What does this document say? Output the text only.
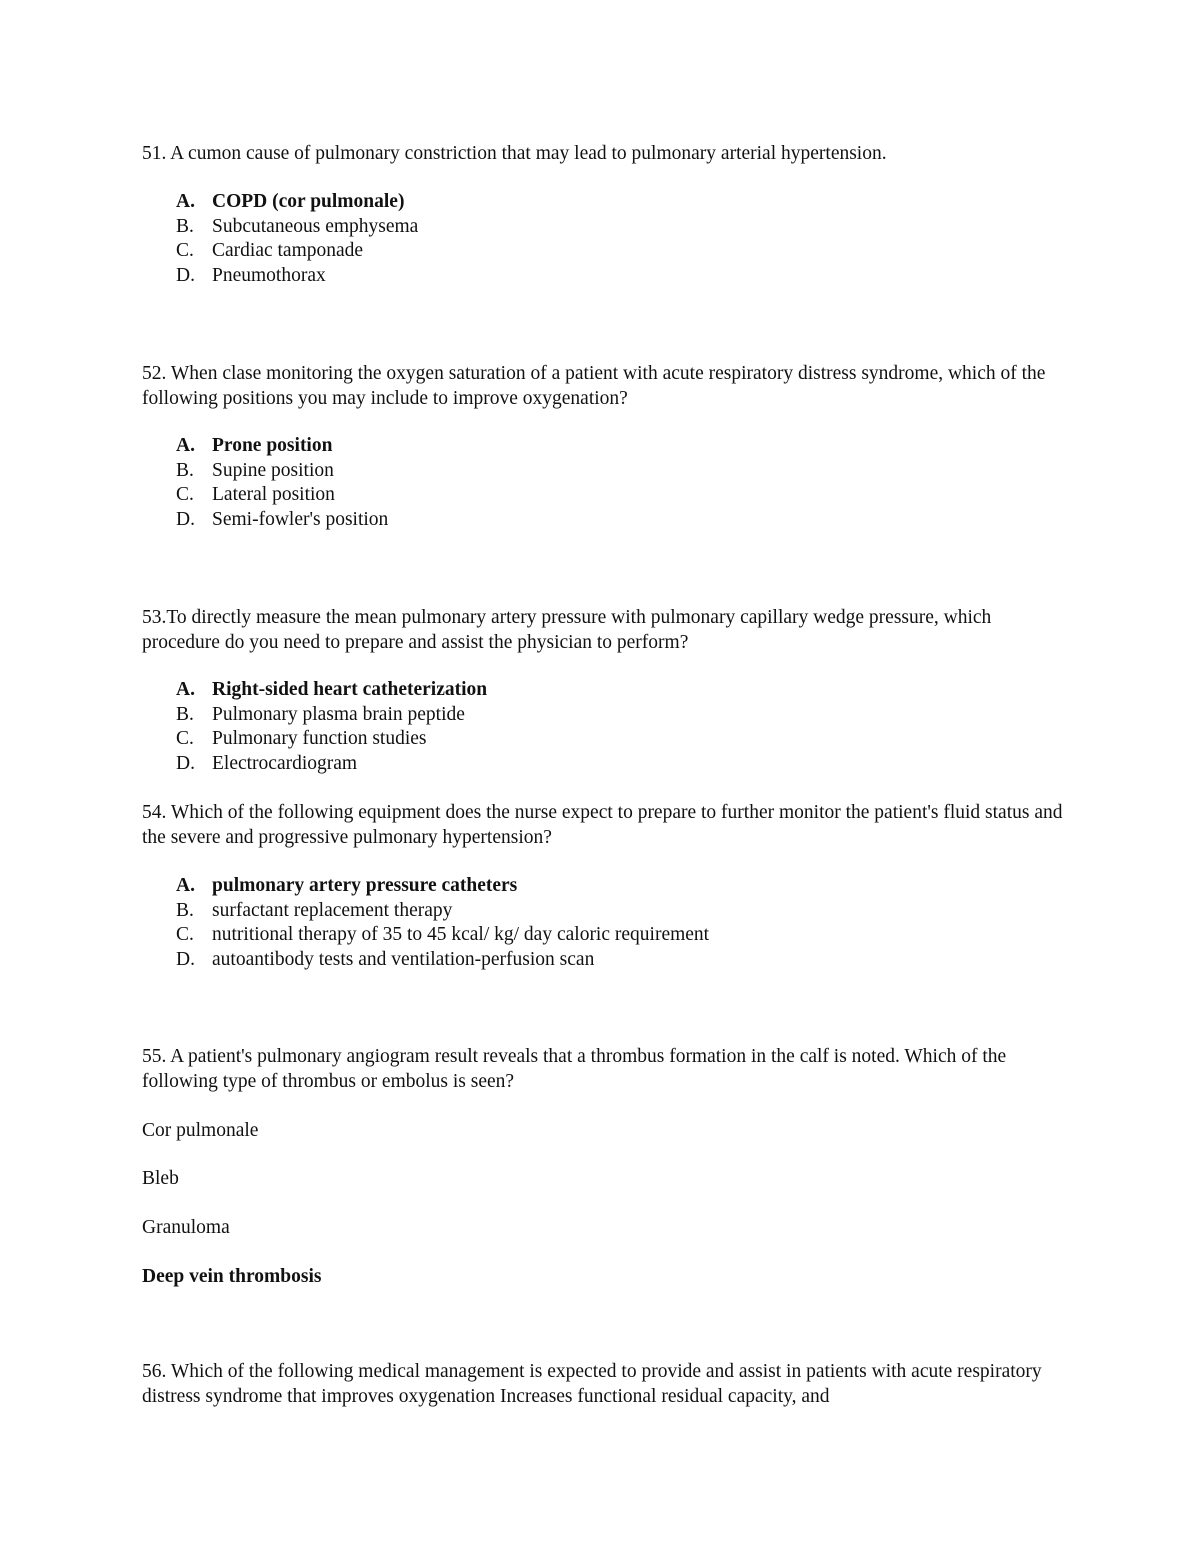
51. A cumon cause of pulmonary constriction that may lead to pulmonary arterial hypertension.

A. COPD (cor pulmonale)
B. Subcutaneous emphysema
C. Cardiac tamponade
D. Pneumothorax

52. When clase monitoring the oxygen saturation of a patient with acute respiratory distress syndrome, which of the following positions you may include to improve oxygenation?

A. Prone position
B. Supine position
C. Lateral position
D. Semi-fowler's position

53.To directly measure the mean pulmonary artery pressure with pulmonary capillary wedge pressure, which procedure do you need to prepare and assist the physician to perform?

A. Right-sided heart catheterization
B. Pulmonary plasma brain peptide
C. Pulmonary function studies
D. Electrocardiogram

54. Which of the following equipment does the nurse expect to prepare to further monitor the patient's fluid status and the severe and progressive pulmonary hypertension?

A. pulmonary artery pressure catheters
B. surfactant replacement therapy
C. nutritional therapy of 35 to 45 kcal/ kg/ day caloric requirement
D. autoantibody tests and ventilation-perfusion scan

55. A patient's pulmonary angiogram result reveals that a thrombus formation in the calf is noted. Which of the following type of thrombus or embolus is seen?

Cor pulmonale
Bleb
Granuloma
Deep vein thrombosis

56. Which of the following medical management is expected to provide and assist in patients with acute respiratory distress syndrome that improves oxygenation Increases functional residual capacity, and
